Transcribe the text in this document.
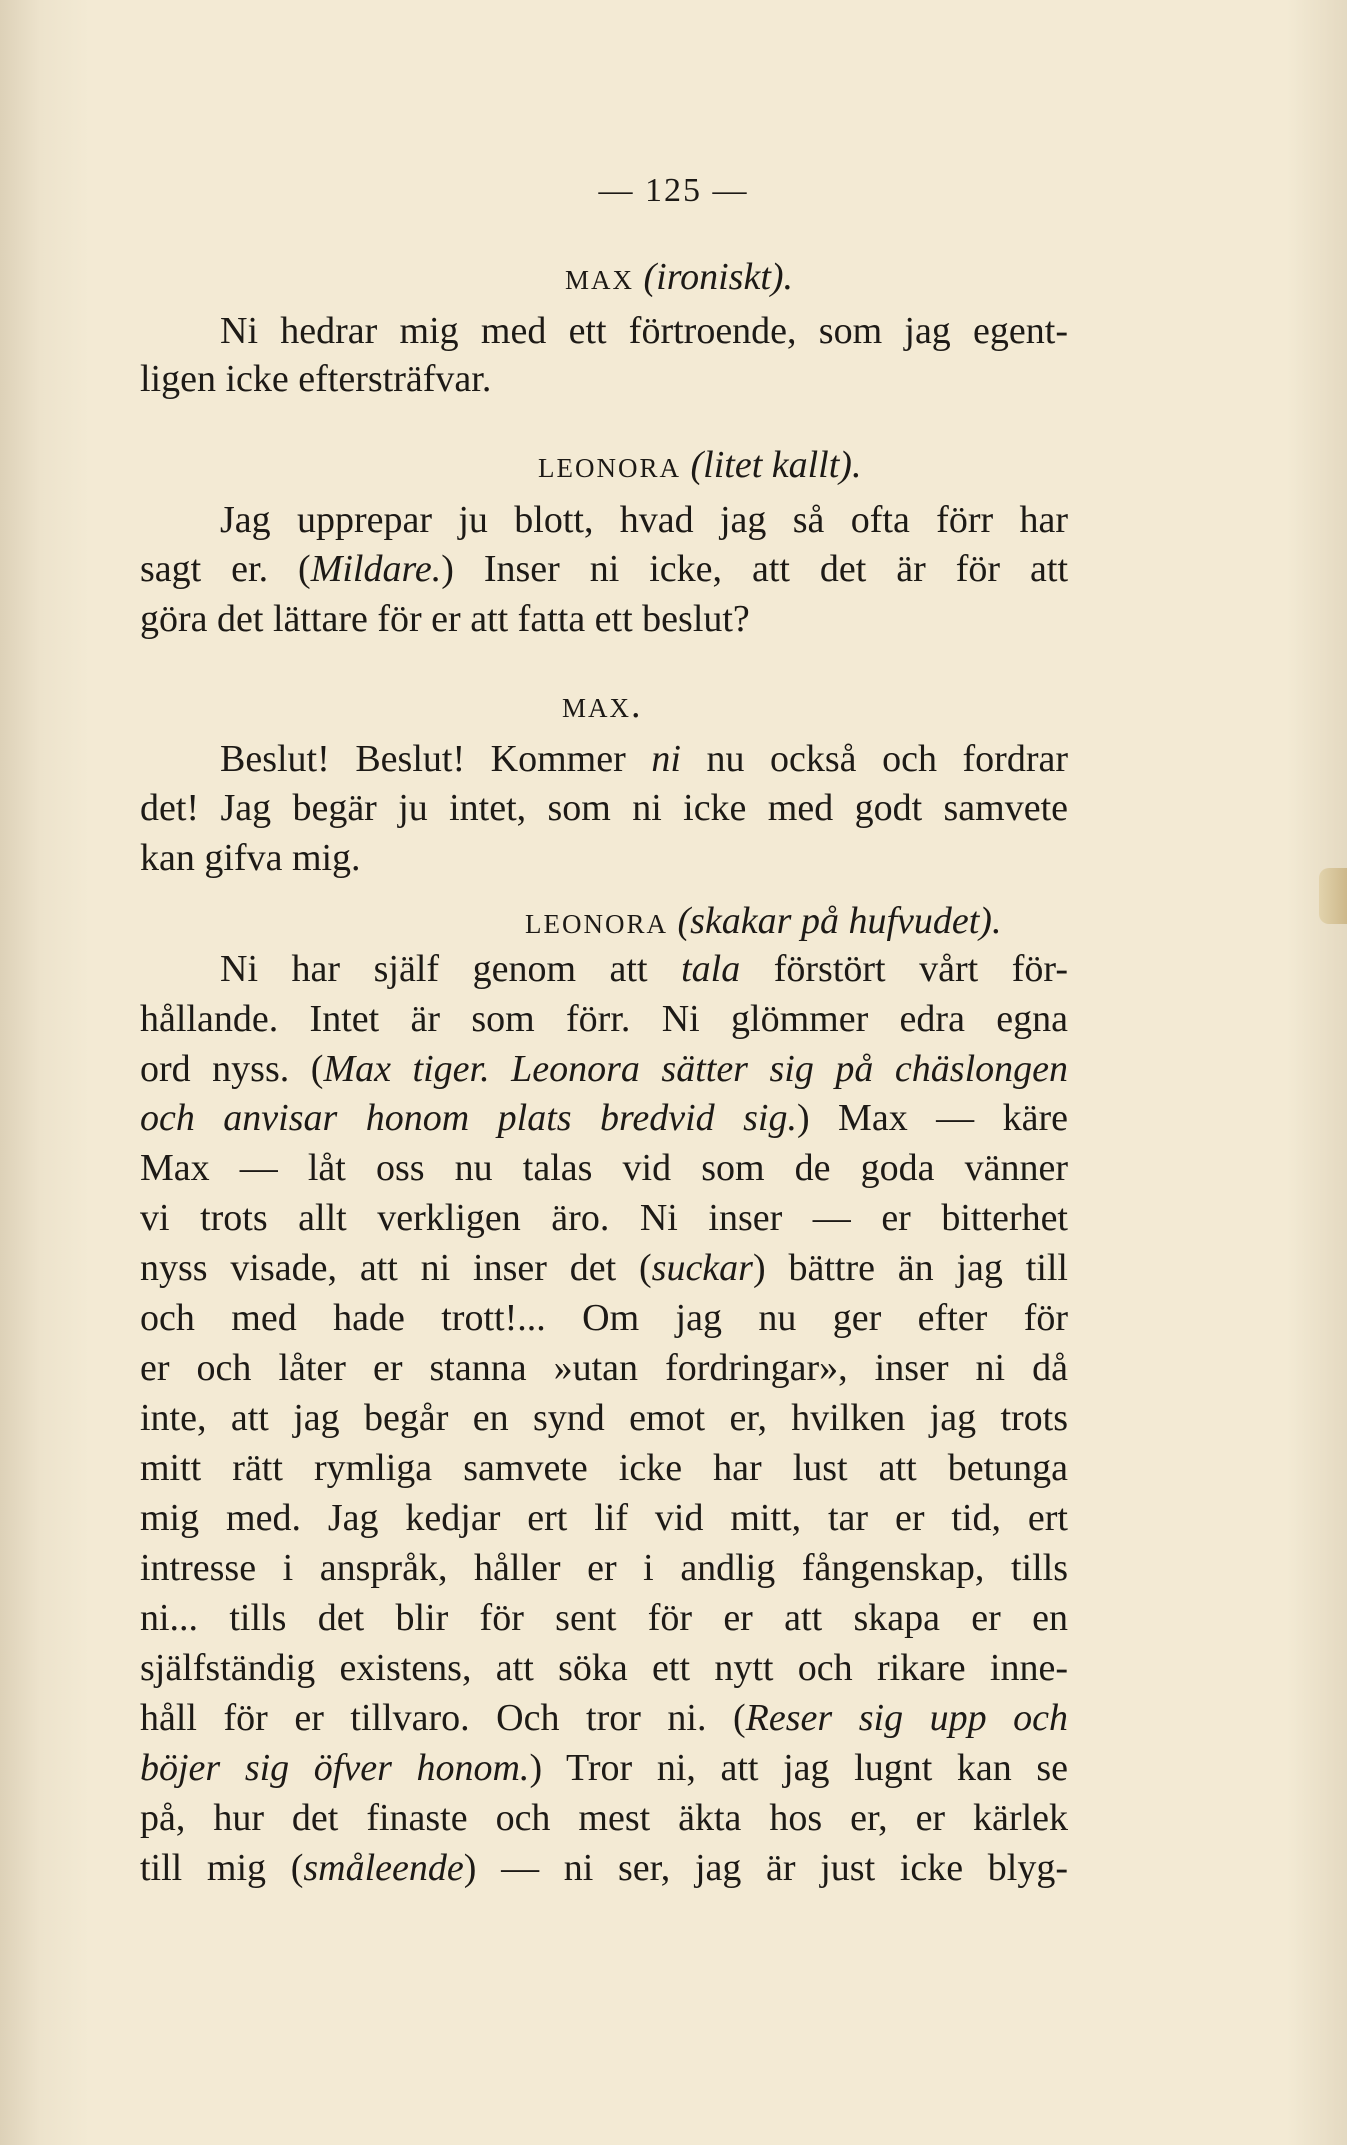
— 125 —
max (ironiskt).
Ni hedrar mig med ett förtroende, som jag egent-
ligen icke eftersträfvar.
leonora (litet kallt).
Jag upprepar ju blott, hvad jag så ofta förr har
sagt er. (Mildare.) Inser ni icke, att det är för att
göra det lättare för er att fatta ett beslut?
max.
Beslut! Beslut! Kommer ni nu också och fordrar
det! Jag begär ju intet, som ni icke med godt samvete
kan gifva mig.
leonora (skakar på hufvudet).
Ni har själf genom att tala förstört vårt för-
hållande. Intet är som förr. Ni glömmer edra egna
ord nyss. (Max tiger. Leonora sätter sig på chäslongen
och anvisar honom plats bredvid sig.) Max — käre
Max — låt oss nu talas vid som de goda vänner
vi trots allt verkligen äro. Ni inser — er bitterhet
nyss visade, att ni inser det (suckar) bättre än jag till
och med hade trott!... Om jag nu ger efter för
er och låter er stanna »utan fordringar», inser ni då
inte, att jag begår en synd emot er, hvilken jag trots
mitt rätt rymliga samvete icke har lust att betunga
mig med. Jag kedjar ert lif vid mitt, tar er tid, ert
intresse i anspråk, håller er i andlig fångenskap, tills
ni... tills det blir för sent för er att skapa er en
själfständig existens, att söka ett nytt och rikare inne-
håll för er tillvaro. Och tror ni. (Reser sig upp och
böjer sig öfver honom.) Tror ni, att jag lugnt kan se
på, hur det finaste och mest äkta hos er, er kärlek
till mig (småleende) — ni ser, jag är just icke blyg-
